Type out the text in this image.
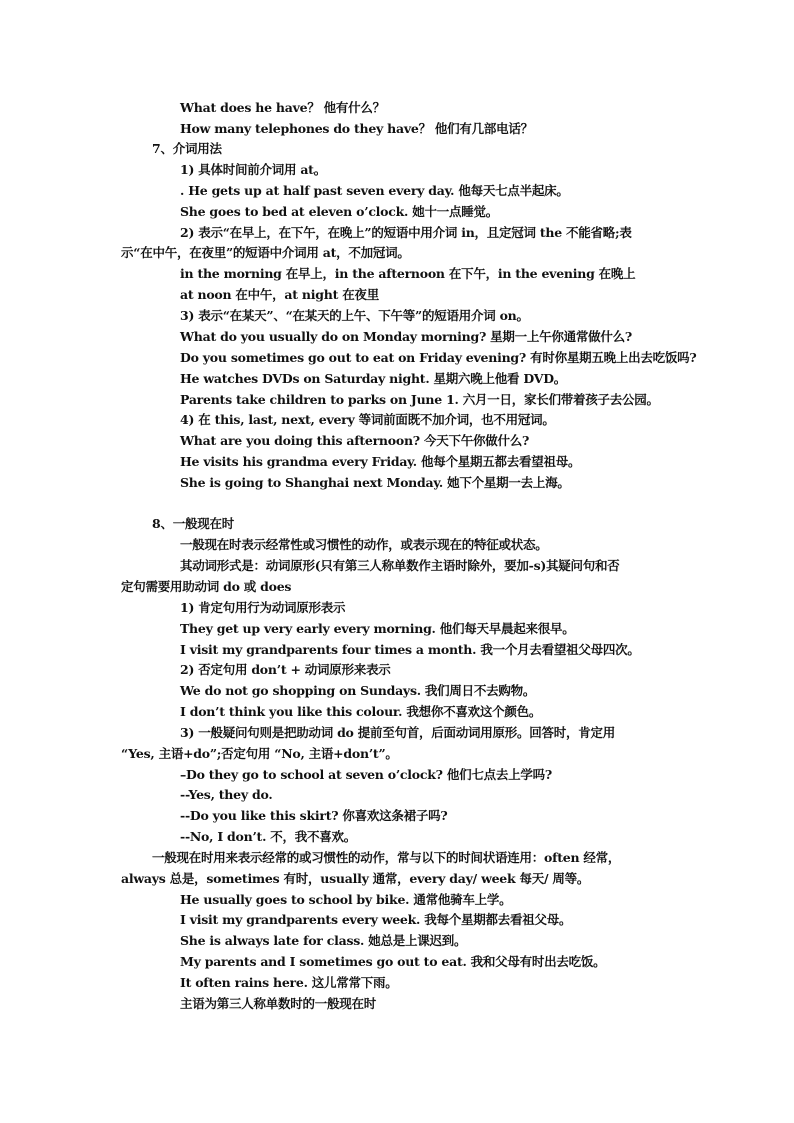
What does he have？ 他有什么？
How many telephones do they have？ 他们有几部电话？
7、介词用法
1) 具体时间前介词用 at。
. He gets up at half past seven every day. 他每天七点半起床。
She goes to bed at eleven o’clock. 她十一点睡觉。
2) 表示“在早上，在下午，在晚上”的短语中用介词 in，且定冠词 the 不能省略;表
示“在中午，在夜里”的短语中介词用 at，不加冠词。
in the morning 在早上，in the afternoon 在下午，in the evening 在晚上
at noon 在中午，at night 在夜里
3) 表示“在某天”、“在某天的上午、下午等”的短语用介词 on。
What do you usually do on Monday morning? 星期一上午你通常做什么?
Do you sometimes go out to eat on Friday evening? 有时你星期五晚上出去吃饭吗?
He watches DVDs on Saturday night. 星期六晚上他看 DVD。
Parents take children to parks on June 1. 六月一日，家长们带着孩子去公园。
4) 在 this, last, next, every 等词前面既不加介词，也不用冠词。
What are you doing this afternoon? 今天下午你做什么?
He visits his grandma every Friday. 他每个星期五都去看望祖母。
She is going to Shanghai next Monday. 她下个星期一去上海。
8、一般现在时
一般现在时表示经常性或习惯性的动作，或表示现在的特征或状态。
其动词形式是：动词原形(只有第三人称单数作主语时除外，要加-s)其疑问句和否
定句需要用助动词 do 或 does
1) 肯定句用行为动词原形表示
They get up very early every morning. 他们每天早晨起来很早。
I visit my grandparents four times a month. 我一个月去看望祖父母四次。
2) 否定句用 don’t + 动词原形来表示
We do not go shopping on Sundays. 我们周日不去购物。
I don’t think you like this colour. 我想你不喜欢这个颜色。
3) 一般疑问句则是把助动词 do 提前至句首，后面动词用原形。回答时，肯定用
“Yes, 主语+do”;否定句用 “No, 主语+don’t”。
–Do they go to school at seven o’clock? 他们七点去上学吗?
--Yes, they do.
--Do you like this skirt? 你喜欢这条裙子吗?
--No, I don’t. 不，我不喜欢。
一般现在时用来表示经常的或习惯性的动作，常与以下的时间状语连用：often 经常，
always 总是，sometimes 有时，usually 通常，every day/ week 每天/ 周等。
He usually goes to school by bike. 通常他骑车上学。
I visit my grandparents every week. 我每个星期都去看祖父母。
She is always late for class. 她总是上课迟到。
My parents and I sometimes go out to eat. 我和父母有时出去吃饭。
It often rains here. 这儿常常下雨。
主语为第三人称单数时的一般现在时
